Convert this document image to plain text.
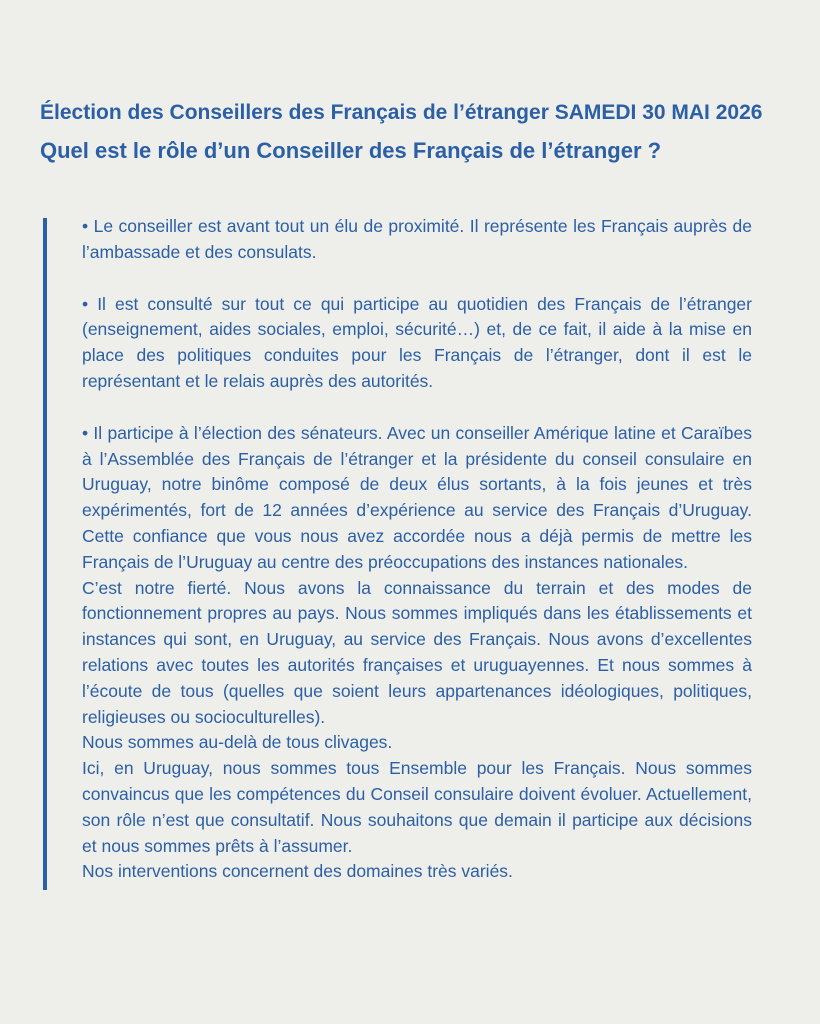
Élection des Conseillers des Français de l’étranger SAMEDI 30 MAI 2026
Quel est le rôle d’un Conseiller des Français de l’étranger ?

• Le conseiller est avant tout un élu de proximité. Il représente les Français auprès de l’ambassade et des consulats.

• Il est consulté sur tout ce qui participe au quotidien des Français de l’étranger (enseignement, aides sociales, emploi, sécurité…) et, de ce fait, il aide à la mise en place des politiques conduites pour les Français de l’étranger, dont il est le représentant et le relais auprès des autorités.

• Il participe à l’élection des sénateurs. Avec un conseiller Amérique latine et Caraïbes à l’Assemblée des Français de l’étranger et la présidente du conseil consulaire en Uruguay, notre binôme composé de deux élus sortants, à la fois jeunes et très expérimentés, fort de 12 années d’expérience au service des Français d’Uruguay. Cette confiance que vous nous avez accordée nous a déjà permis de mettre les Français de l’Uruguay au centre des préoccupations des instances nationales.

C’est notre fierté. Nous avons la connaissance du terrain et des modes de fonctionnement propres au pays. Nous sommes impliqués dans les établissements et instances qui sont, en Uruguay, au service des Français. Nous avons d’excellentes relations avec toutes les autorités françaises et uruguayennes. Et nous sommes à l’écoute de tous (quelles que soient leurs appartenances idéologiques, politiques, religieuses ou socioculturelles).

Nous sommes au-delà de tous clivages.

Ici, en Uruguay, nous sommes tous Ensemble pour les Français. Nous sommes convaincus que les compétences du Conseil consulaire doivent évoluer. Actuellement, son rôle n’est que consultatif. Nous souhaitons que demain il participe aux décisions et nous sommes prêts à l’assumer.

Nos interventions concernent des domaines très variés.
